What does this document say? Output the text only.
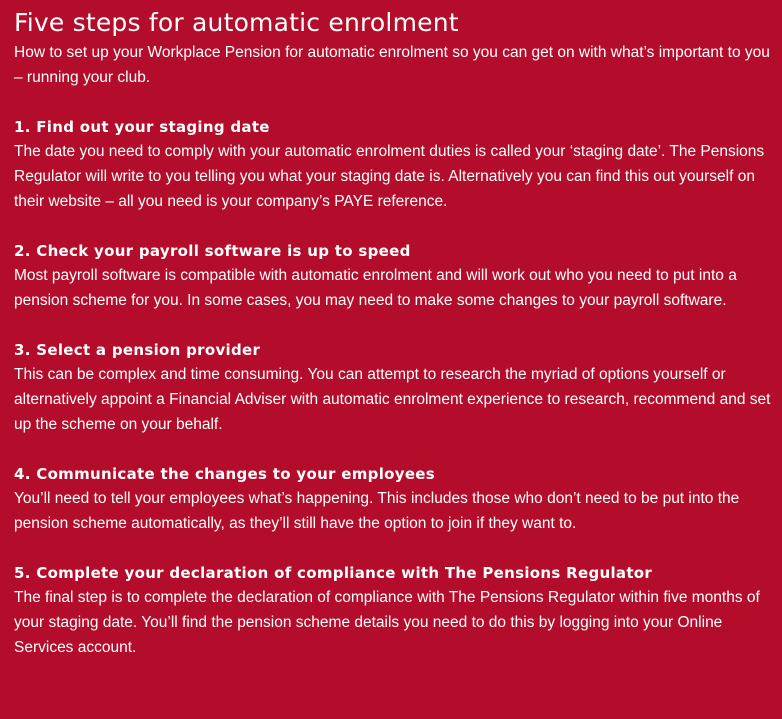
Five steps for automatic enrolment

How to set up your Workplace Pension for automatic enrolment so you can get on with what’s important to you – running your club.

1. Find out your staging date

The date you need to comply with your automatic enrolment duties is called your ‘staging date’. The Pensions Regulator will write to you telling you what your staging date is. Alternatively you can find this out yourself on their website – all you need is your company’s PAYE reference.

2. Check your payroll software is up to speed

Most payroll software is compatible with automatic enrolment and will work out who you need to put into a pension scheme for you. In some cases, you may need to make some changes to your payroll software.

3. Select a pension provider

This can be complex and time consuming. You can attempt to research the myriad of options yourself or alternatively appoint a Financial Adviser with automatic enrolment experience to research, recommend and set up the scheme on your behalf.

4. Communicate the changes to your employees

You’ll need to tell your employees what’s happening. This includes those who don’t need to be put into the pension scheme automatically, as they’ll still have the option to join if they want to.

5. Complete your declaration of compliance with The Pensions Regulator

The final step is to complete the declaration of compliance with The Pensions Regulator within five months of your staging date. You’ll find the pension scheme details you need to do this by logging into your Online Services account.
